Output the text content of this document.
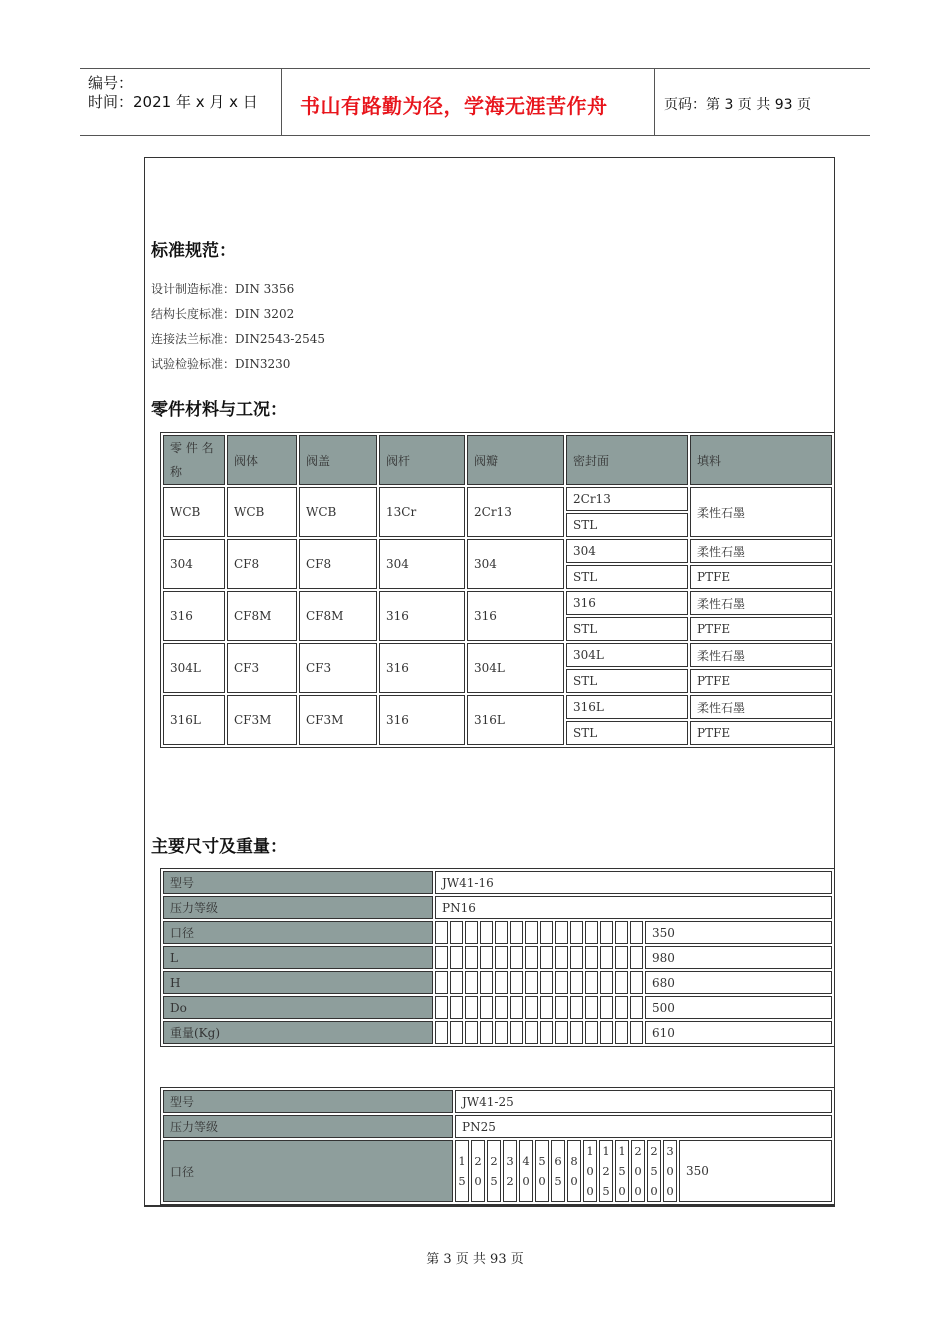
编号：
时间：2021 年 x 月 x 日 书山有路勤为径，学海无涯苦作舟	页码：第 3 页 共 93 页
标准规范：
设计制造标准：DIN 3356
结构长度标准：DIN 3202
连接法兰标准：DIN2543-2545
试验检验标准：DIN3230
零件材料与工况：
零 件 名 称	阀体	阀盖	阀杆	阀瓣	密封面	填料
WCB	WCB	WCB	13Cr	2Cr13	2Cr13	柔性石墨
					STL	
304	CF8	CF8	304	304	304	柔性石墨
					STL	PTFE
316	CF8M	CF8M	316	316	316	柔性石墨
					STL	PTFE
304L	CF3	CF3	316	304L	304L	柔性石墨
					STL	PTFE
316L	CF3M	CF3M	316	316L	316L	柔性石墨
					STL	PTFE
主要尺寸及重量：
型号	JW41-16														
压力等级	PN16														
口径															350
L															980
H															680
Do															500
重量(Kg)															610
型号	JW41-25														
压力等级	PN25														
口径	15	20	25	32	40	50	65	80	100	125	150	200	250	300	350
第 3 页 共 93 页
